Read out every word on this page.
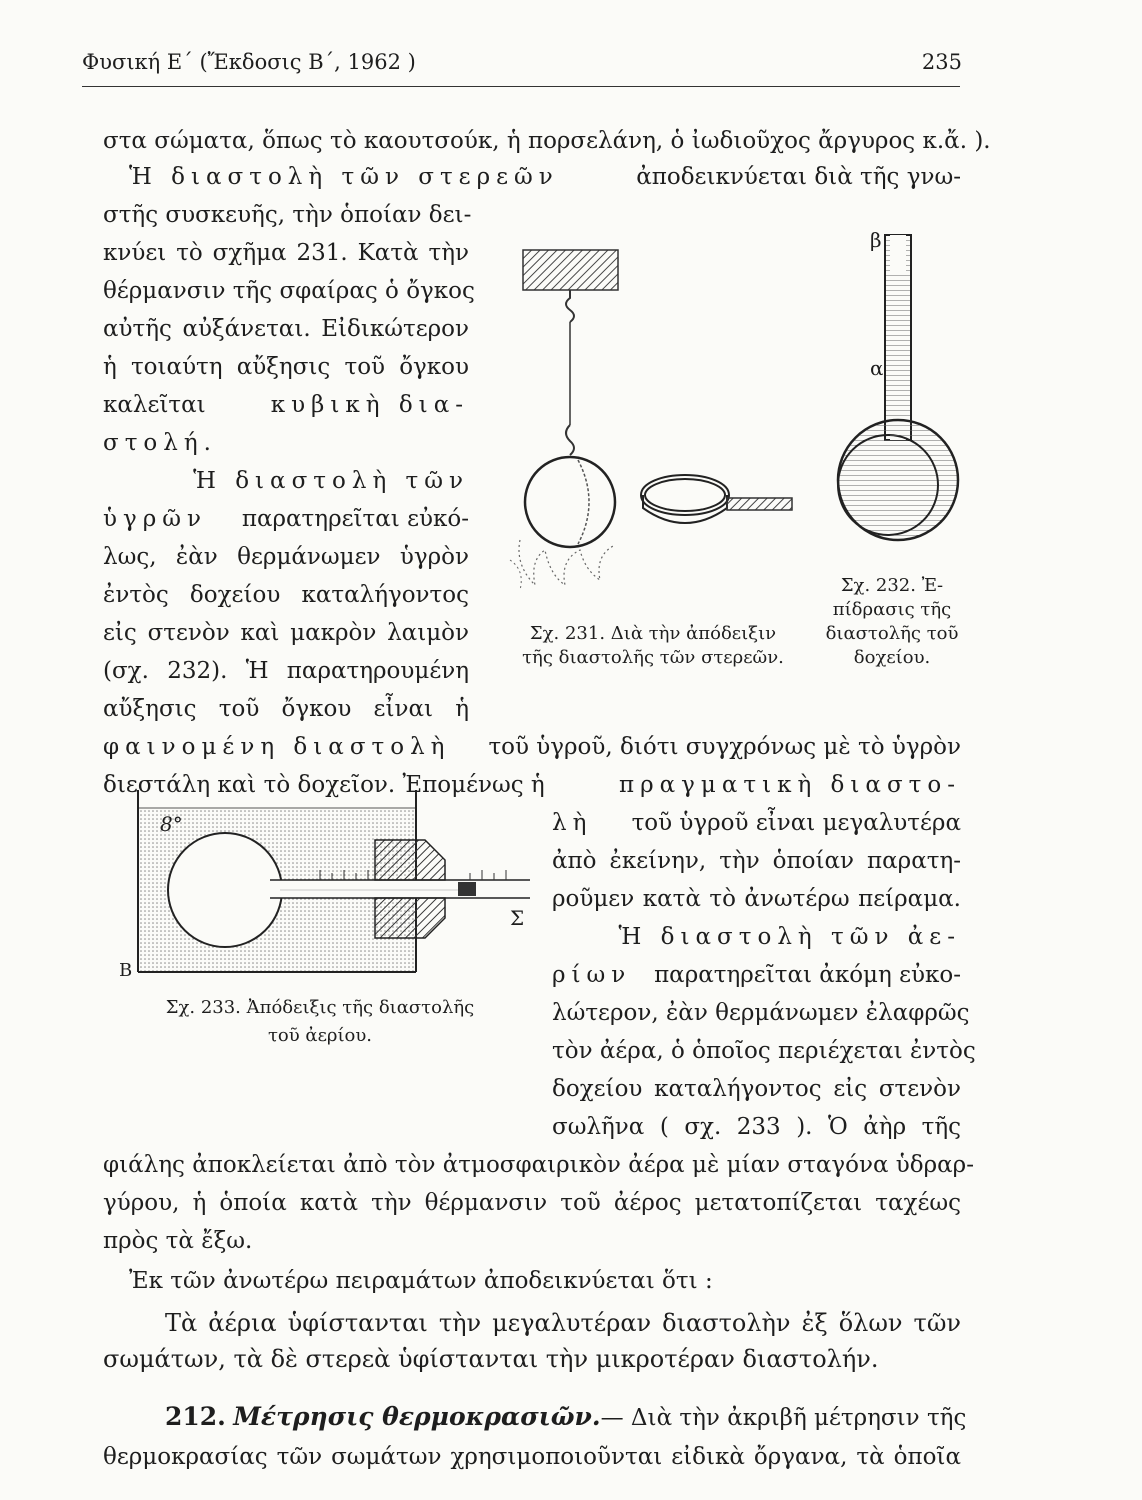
Φυσική Ε΄ (Ἔκδοσις Β΄, 1962 )	235
στα σώματα, ὅπως τὸ καουτσούκ, ἡ πορσελάνη, ὁ ἰωδιοῦχος ἄργυρος κ.ἄ. ).
Ἡ διαστολὴ τῶν στερεῶν	ἀποδεικνύεται διὰ τῆς γνω-
στῆς συσκευῆς, τὴν ὁποίαν δει-
κνύει τὸ σχῆμα 231. Κατὰ τὴν
θέρμανσιν τῆς σφαίρας ὁ ὄγκος
αὐτῆς αὐξάνεται. Εἰδικώτερον
ἡ τοιαύτη αὔξησις τοῦ ὄγκου
καλεῖται	κυβικὴ δια-
στολή.
Ἡ διαστολὴ τῶν
ὑγρῶν παρατηρεῖται εὐκό-
λως, ἐὰν θερμάνωμεν ὑγρὸν
ἐντὸς δοχείου καταλήγοντος
εἰς στενὸν καὶ μακρὸν λαιμὸν
(σχ. 232). Ἡ παρατηρουμένη
αὔξησις τοῦ ὄγκου εἶναι ἡ
φαινομένη διαστολὴ τοῦ ὑγροῦ, διότι συγχρόνως μὲ τὸ ὑγρὸν
διεστάλη καὶ τὸ δοχεῖον. Ἐπομένως ἡ	πραγματικὴ διαστο-
λὴ τοῦ ὑγροῦ εἶναι μεγαλυτέρα
ἀπὸ ἐκείνην, τὴν ὁποίαν παρατη-
ροῦμεν κατὰ τὸ ἀνωτέρω πείραμα.
Ἡ διαστολὴ τῶν ἀε-
ρίων παρατηρεῖται ἀκόμη εὐκο-
λώτερον, ἐὰν θερμάνωμεν ἐλαφρῶς
τὸν ἀέρα, ὁ ὁποῖος περιέχεται ἐντὸς
δοχείου καταλήγοντος εἰς στενὸν
σωλῆνα ( σχ. 233 ). Ὁ ἀὴρ τῆς
φιάλης ἀποκλείεται ἀπὸ τὸν ἀτμοσφαιρικὸν ἀέρα μὲ μίαν σταγόνα ὑδραρ-
γύρου, ἡ ὁποία κατὰ τὴν θέρμανσιν τοῦ ἀέρος μετατοπίζεται ταχέως
πρὸς τὰ ἔξω.
Ἐκ τῶν ἀνωτέρω πειραμάτων ἀποδεικνύεται ὅτι :
Τὰ ἀέρια ὑφίστανται τὴν μεγαλυτέραν διαστολὴν ἐξ ὅλων τῶν
σωμάτων, τὰ δὲ στερεὰ ὑφίστανται τὴν μικροτέραν διαστολήν.
212. Μέτρησις θερμοκρασιῶν. — Διὰ τὴν ἀκριβῆ μέτρησιν τῆς
θερμοκρασίας τῶν σωμάτων χρησιμοποιοῦνται εἰδικὰ ὄργανα, τὰ ὁποῖα
β
α
Σχ. 231. Διὰ τὴν ἀπόδειξιν
τῆς διαστολῆς τῶν στερεῶν.
Σχ. 232. Ἐ-
πίδρασις τῆς
διαστολῆς τοῦ
δοχείου.
8°
Σ
B
Σχ. 233. Ἀπόδειξις τῆς διαστολῆς
τοῦ ἀερίου.
